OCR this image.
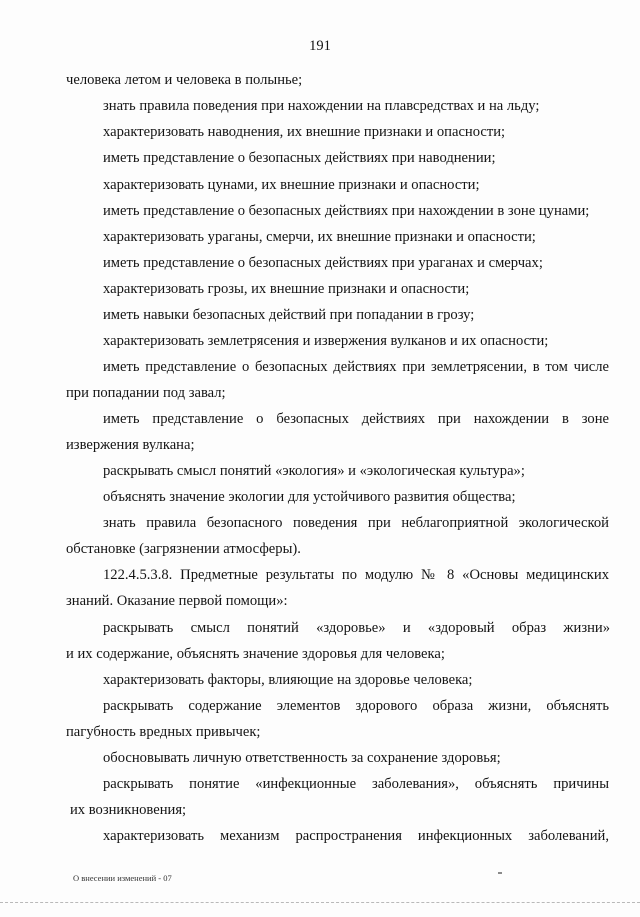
191
человека летом и человека в полынье;
знать правила поведения при нахождении на плавсредствах и на льду;
характеризовать наводнения, их внешние признаки и опасности;
иметь представление о безопасных действиях при наводнении;
характеризовать цунами, их внешние признаки и опасности;
иметь представление о безопасных действиях при нахождении в зоне цунами;
характеризовать ураганы, смерчи, их внешние признаки и опасности;
иметь представление о безопасных действиях при ураганах и смерчах;
характеризовать грозы, их внешние признаки и опасности;
иметь навыки безопасных действий при попадании в грозу;
характеризовать землетрясения и извержения вулканов и их опасности;
иметь представление о безопасных действиях при землетрясении, в том числе
при попадании под завал;
иметь представление о безопасных действиях при нахождении в зоне
извержения вулкана;
раскрывать смысл понятий «экология» и «экологическая культура»;
объяснять значение экологии для устойчивого развития общества;
знать правила безопасного поведения при неблагоприятной экологической
обстановке (загрязнении атмосферы).
122.4.5.3.8. Предметные результаты по модулю № 8 «Основы медицинских
знаний. Оказание первой помощи»:
раскрывать смысл понятий «здоровье» и «здоровый образ жизни»
и их содержание, объяснять значение здоровья для человека;
характеризовать факторы, влияющие на здоровье человека;
раскрывать содержание элементов здорового образа жизни, объяснять
пагубность вредных привычек;
обосновывать личную ответственность за сохранение здоровья;
раскрывать понятие «инфекционные заболевания», объяснять причины
их возникновения;
характеризовать механизм распространения инфекционных заболеваний,
О внесении изменений - 07
